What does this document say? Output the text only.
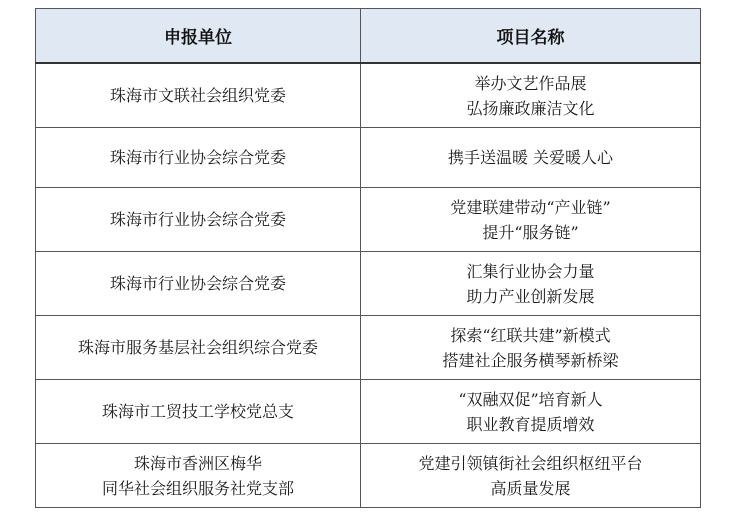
申报单位	项目名称

珠海市文联社会组织党委	举办文艺作品展
弘扬廉政廉洁文化

珠海市行业协会综合党委	携手送温暖 关爱暖人心

珠海市行业协会综合党委	党建联建带动“产业链”
提升“服务链”

珠海市行业协会综合党委	汇集行业协会力量
助力产业创新发展

珠海市服务基层社会组织综合党委	探索“红联共建”新模式
搭建社企服务横琴新桥梁

珠海市工贸技工学校党总支	“双融双促”培育新人
职业教育提质增效

珠海市香洲区梅华
同华社会组织服务社党支部	党建引领镇街社会组织枢纽平台
高质量发展
